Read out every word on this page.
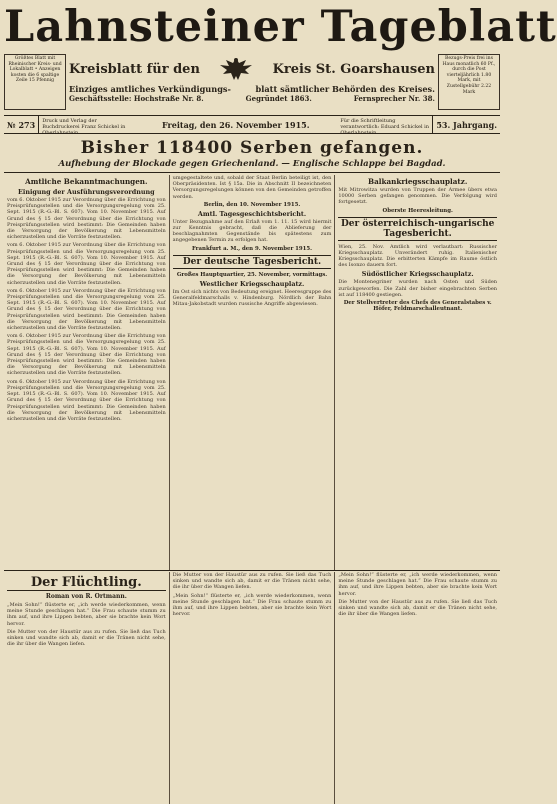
Lahnsteiner Tageblatt
Größtes Blatt mit Rheinischer Kreis- und Lokalblatt • Anzeigen kosten die 6 spaltige Zeile 15 Pfennig
Kreisblatt für den	Kreis St. Goarshausen
Einziges amtliches Verkündigungs-	blatt sämtlicher Behörden des Kreises.
Geschäftsstelle: Hochstraße Nr. 8.	Gegründet 1863.	Fernsprecher Nr. 38.
Bezugs-Preis frei ins Haus monatlich 60 Pf., durch die Post vierteljährlich 1.80 Mark, mit Zustellgebühr 2.22 Mark
№ 273	Druck und Verlag der Buchdruckerei Franz Schickel in Oberlahnstein.
Freitag, den 26. November 1915.	Für die Schriftleitung verantwortlich: Eduard Schickel in Oberlahnstein.
53. Jahrgang.
Bisher 118400 Serben gefangen.
Aufhebung der Blockade gegen Griechenland. — Englische Schlappe bei Bagdad.
Amtliche Bekanntmachungen.
Einigung der Ausführungsverordnung

vom 6. Oktober 1915 zur Verordnung über die Errichtung von Preisprüfungsstellen und die Versorgungsregelung vom 25. Sept. 1915 (R.-G.-Bl. S. 607). Vom 10. November 1915. Auf Grund des § 15 der Verordnung über die Errichtung von Preisprüfungsstellen wird bestimmt: Die Gemeinden haben die Versorgung der Bevölkerung mit Lebensmitteln sicherzustellen und die Vorräte festzustellen.

vom 6. Oktober 1915 zur Verordnung über die Errichtung von Preisprüfungsstellen und die Versorgungsregelung vom 25. Sept. 1915 (R.-G.-Bl. S. 607). Vom 10. November 1915. Auf Grund des § 15 der Verordnung über die Errichtung von Preisprüfungsstellen wird bestimmt: Die Gemeinden haben die Versorgung der Bevölkerung mit Lebensmitteln sicherzustellen und die Vorräte festzustellen.

vom 6. Oktober 1915 zur Verordnung über die Errichtung von Preisprüfungsstellen und die Versorgungsregelung vom 25. Sept. 1915 (R.-G.-Bl. S. 607). Vom 10. November 1915. Auf Grund des § 15 der Verordnung über die Errichtung von Preisprüfungsstellen wird bestimmt: Die Gemeinden haben die Versorgung der Bevölkerung mit Lebensmitteln sicherzustellen und die Vorräte festzustellen.

vom 6. Oktober 1915 zur Verordnung über die Errichtung von Preisprüfungsstellen und die Versorgungsregelung vom 25. Sept. 1915 (R.-G.-Bl. S. 607). Vom 10. November 1915. Auf Grund des § 15 der Verordnung über die Errichtung von Preisprüfungsstellen wird bestimmt: Die Gemeinden haben die Versorgung der Bevölkerung mit Lebensmitteln sicherzustellen und die Vorräte festzustellen.

vom 6. Oktober 1915 zur Verordnung über die Errichtung von Preisprüfungsstellen und die Versorgungsregelung vom 25. Sept. 1915 (R.-G.-Bl. S. 607). Vom 10. November 1915. Auf Grund des § 15 der Verordnung über die Errichtung von Preisprüfungsstellen wird bestimmt: Die Gemeinden haben die Versorgung der Bevölkerung mit Lebensmitteln sicherzustellen und die Vorräte festzustellen.

umgegestaltete und, sobald der Staat Berlin beteiligt ist, den Oberpräsidenten. Ist § 15a. Die in Abschnitt II bezeichneten Versorgungsregelungen können von den Gemeinden getroffen werden.

Berlin, den 10. November 1915.
Amtl. Tagesgeschichtsbericht.

Unter Bezugnahme auf den Erlaß vom 1. 11. 15 wird hiermit zur Kenntnis gebracht, daß die Ablieferung der beschlagnahmten Gegenstände bis spätestens zum angegebenen Termin zu erfolgen hat.

Frankfurt a. M., den 9. November 1915.
Der deutsche Tagesbericht.
Großes Hauptquartier, 25. November, vormittags.
Westlicher Kriegsschauplatz.

Im Ost sich nichts von Bedeutung ereignet. Heeresgruppe des Generalfeldmarschalls v. Hindenburg. Nördlich der Bahn Mitau-Jakobstadt wurden russische Angriffe abgewiesen.

Balkankriegsschauplatz.

Mit Mitrowitza wurden von Truppen der Armee übers etwa 10000 Serben gefangen genommen. Die Verfolgung wird fortgesetzt.

Oberste Heeresleitung.
Der österreichisch-ungarische Tagesbericht.

Wien, 25. Nov. Amtlich wird verlautbart: Russischer Kriegsschauplatz. Unverändert ruhig. Italienischer Kriegsschauplatz. Die erbitterten Kämpfe im Raume östlich des Isonzo dauern fort.

Südöstlicher Kriegsschauplatz.

Die Montenegriner wurden nach Osten und Süden zurückgeworfen. Die Zahl der bisher eingebrachten Serben ist auf 118400 gestiegen.

Der Stellvertreter des Chefs des Generalstabes v. Höfer, Feldmarschalleutnant.
Der Flüchtling.
Roman von R. Ortmann.

„Mein Sohn!“ flüsterte er, „ich werde wiederkommen, wenn meine Stunde geschlagen hat.“ Die Frau schaute stumm zu ihm auf, und ihre Lippen bebten, aber sie brachte kein Wort hervor.

Die Mutter von der Haustür aus zu rufen. Sie ließ das Tuch sinken und wandte sich ab, damit er die Tränen nicht sehe, die ihr über die Wangen liefen.

Die Mutter von der Haustür aus zu rufen. Sie ließ das Tuch sinken und wandte sich ab, damit er die Tränen nicht sehe, die ihr über die Wangen liefen.

„Mein Sohn!“ flüsterte er, „ich werde wiederkommen, wenn meine Stunde geschlagen hat.“ Die Frau schaute stumm zu ihm auf, und ihre Lippen bebten, aber sie brachte kein Wort hervor.

„Mein Sohn!“ flüsterte er, „ich werde wiederkommen, wenn meine Stunde geschlagen hat.“ Die Frau schaute stumm zu ihm auf, und ihre Lippen bebten, aber sie brachte kein Wort hervor.

Die Mutter von der Haustür aus zu rufen. Sie ließ das Tuch sinken und wandte sich ab, damit er die Tränen nicht sehe, die ihr über die Wangen liefen.
